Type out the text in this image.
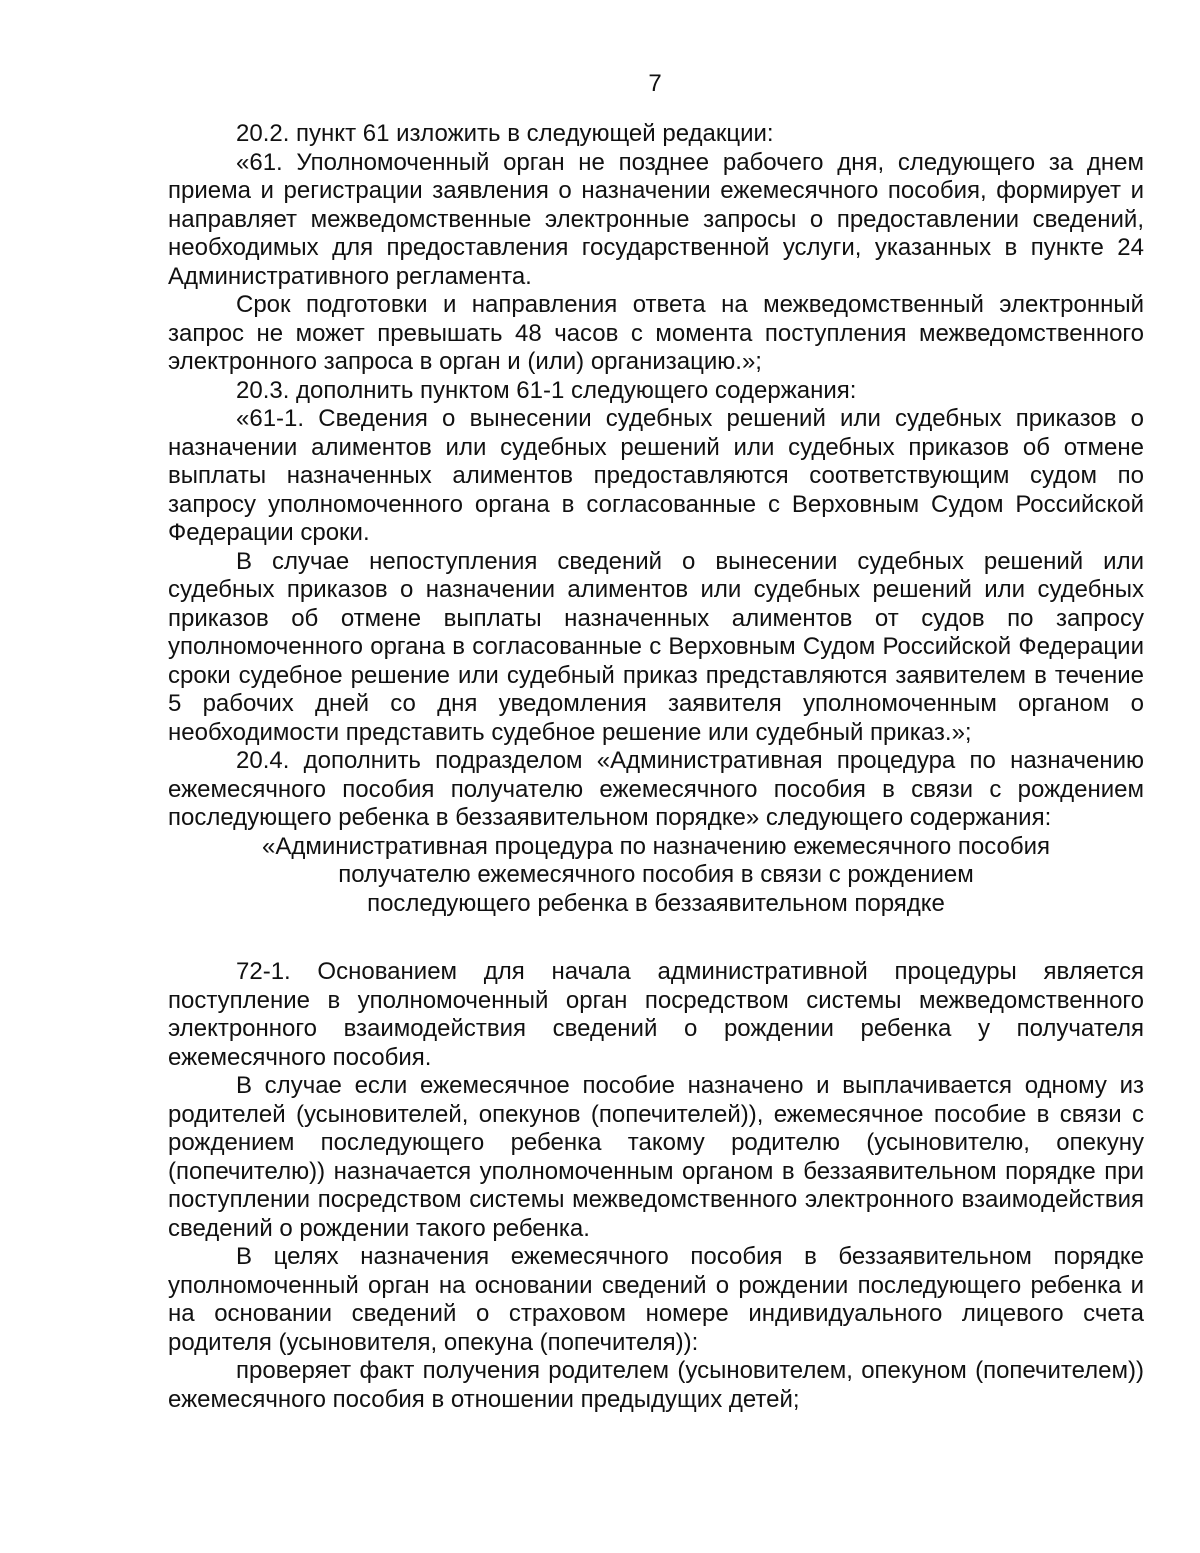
7

20.2. пункт 61 изложить в следующей редакции:

«61. Уполномоченный орган не позднее рабочего дня, следующего за днем приема и регистрации заявления о назначении ежемесячного пособия, формирует и направляет межведомственные электронные запросы о предоставлении сведений, необходимых для предоставления государственной услуги, указанных в пункте 24 Административного регламента.

Срок подготовки и направления ответа на межведомственный электронный запрос не может превышать 48 часов с момента поступления межведомственного электронного запроса в орган и (или) организацию.»;

20.3. дополнить пунктом 61-1 следующего содержания:

«61-1. Сведения о вынесении судебных решений или судебных приказов о назначении алиментов или судебных решений или судебных приказов об отмене выплаты назначенных алиментов предоставляются соответствующим судом по запросу уполномоченного органа в согласованные с Верховным Судом Российской Федерации сроки.

В случае непоступления сведений о вынесении судебных решений или судебных приказов о назначении алиментов или судебных решений или судебных приказов об отмене выплаты назначенных алиментов от судов по запросу уполномоченного органа в согласованные с Верховным Судом Российской Федерации сроки судебное решение или судебный приказ представляются заявителем в течение 5 рабочих дней со дня уведомления заявителя уполномоченным органом о необходимости представить судебное решение или судебный приказ.»;

20.4. дополнить подразделом «Административная процедура по назначению ежемесячного пособия получателю ежемесячного пособия в связи с рождением последующего ребенка в беззаявительном порядке» следующего содержания:

«Административная процедура по назначению ежемесячного пособия
получателю ежемесячного пособия в связи с рождением
последующего ребенка в беззаявительном порядке

72-1. Основанием для начала административной процедуры является поступление в уполномоченный орган посредством системы межведомственного электронного взаимодействия сведений о рождении ребенка у получателя ежемесячного пособия.

В случае если ежемесячное пособие назначено и выплачивается одному из родителей (усыновителей, опекунов (попечителей)), ежемесячное пособие в связи с рождением последующего ребенка такому родителю (усыновителю, опекуну (попечителю)) назначается уполномоченным органом в беззаявительном порядке при поступлении посредством системы межведомственного электронного взаимодействия сведений о рождении такого ребенка.

В целях назначения ежемесячного пособия в беззаявительном порядке уполномоченный орган на основании сведений о рождении последующего ребенка и на основании сведений о страховом номере индивидуального лицевого счета родителя (усыновителя, опекуна (попечителя)):

проверяет факт получения родителем (усыновителем, опекуном (попечителем)) ежемесячного пособия в отношении предыдущих детей;
